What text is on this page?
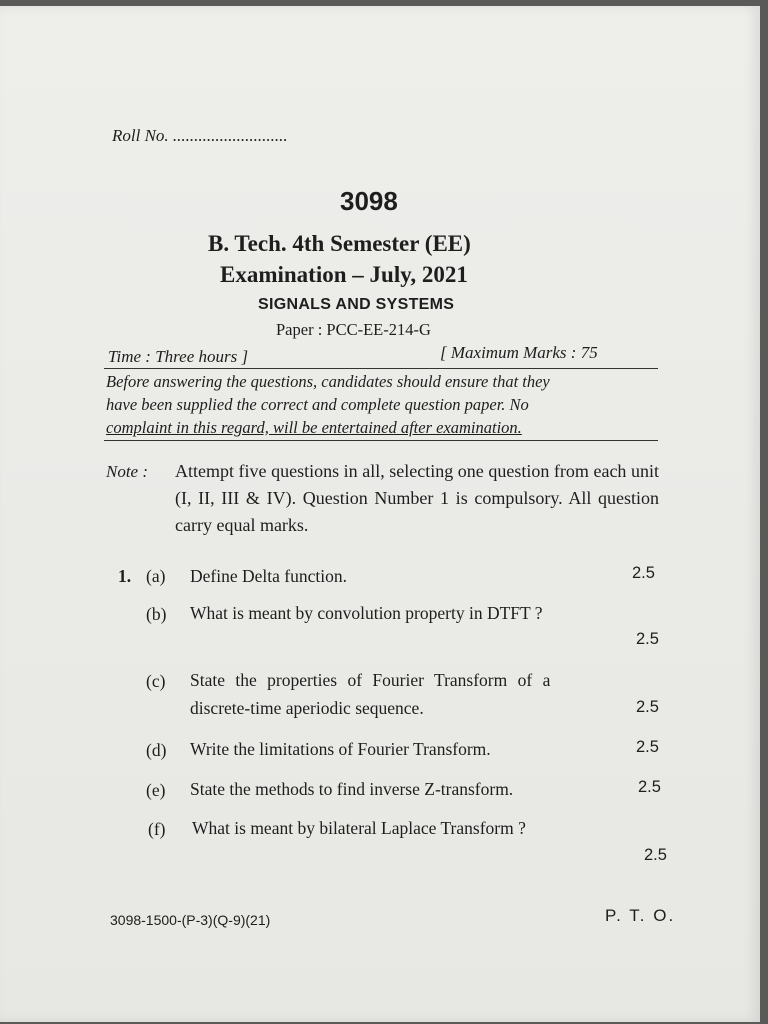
Roll No. ...........................
3098
B. Tech. 4th Semester (EE)
Examination – July, 2021
SIGNALS AND SYSTEMS
Paper : PCC-EE-214-G
Time : Three hours ]	[ Maximum Marks : 75
Before answering the questions, candidates should ensure that they
have been supplied the correct and complete question paper. No
complaint in this regard, will be entertained after examination.
Note : Attempt five questions in all, selecting one question from each unit (I, II, III & IV). Question Number 1 is compulsory. All question carry equal marks.
1. (a) Define Delta function.	2.5
(b) What is meant by convolution property in DTFT ?
2.5
(c) State the properties of Fourier Transform of a
discrete-time aperiodic sequence.	2.5
(d) Write the limitations of Fourier Transform.	2.5
(e) State the methods to find inverse Z-transform.	2.5
(f) What is meant by bilateral Laplace Transform ?
2.5
3098-1500-(P-3)(Q-9)(21)	P. T. O.
